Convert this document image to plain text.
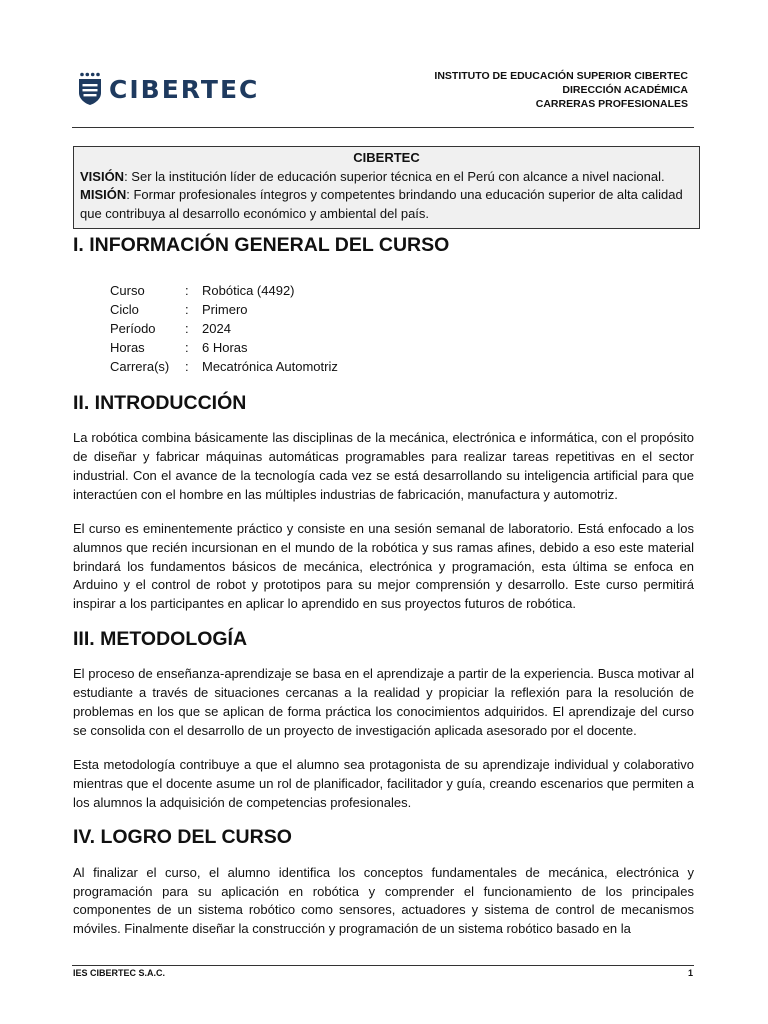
CIBERTEC	INSTITUTO DE EDUCACIÓN SUPERIOR CIBERTEC
DIRECCIÓN ACADÉMICA
CARRERAS PROFESIONALES
CIBERTEC
VISIÓN: Ser la institución líder de educación superior técnica en el Perú con alcance a nivel nacional.
MISIÓN: Formar profesionales íntegros y competentes brindando una educación superior de alta calidad que contribuya al desarrollo económico y ambiental del país.
I. INFORMACIÓN GENERAL DEL CURSO
Curso	:	Robótica (4492)
Ciclo	:	Primero
Período	:	2024
Horas	:	6 Horas
Carrera(s)	:	Mecatrónica Automotriz
II. INTRODUCCIÓN

La robótica combina básicamente las disciplinas de la mecánica, electrónica e informática, con el propósito de diseñar y fabricar máquinas automáticas programables para realizar tareas repetitivas en el sector industrial. Con el avance de la tecnología cada vez se está desarrollando su inteligencia artificial para que interactúen con el hombre en las múltiples industrias de fabricación, manufactura y automotriz.

El curso es eminentemente práctico y consiste en una sesión semanal de laboratorio. Está enfocado a los alumnos que recién incursionan en el mundo de la robótica y sus ramas afines, debido a eso este material brindará los fundamentos básicos de mecánica, electrónica y programación, esta última se enfoca en Arduino y el control de robot y prototipos para su mejor comprensión y desarrollo. Este curso permitirá inspirar a los participantes en aplicar lo aprendido en sus proyectos futuros de robótica.

III. METODOLOGÍA

El proceso de enseñanza-aprendizaje se basa en el aprendizaje a partir de la experiencia. Busca motivar al estudiante a través de situaciones cercanas a la realidad y propiciar la reflexión para la resolución de problemas en los que se aplican de forma práctica los conocimientos adquiridos. El aprendizaje del curso se consolida con el desarrollo de un proyecto de investigación aplicada asesorado por el docente.

Esta metodología contribuye a que el alumno sea protagonista de su aprendizaje individual y colaborativo mientras que el docente asume un rol de planificador, facilitador y guía, creando escenarios que permiten a los alumnos la adquisición de competencias profesionales.

IV. LOGRO DEL CURSO

Al finalizar el curso, el alumno identifica los conceptos fundamentales de mecánica, electrónica y programación para su aplicación en robótica y comprender el funcionamiento de los principales componentes de un sistema robótico como sensores, actuadores y sistema de control de mecanismos móviles. Finalmente diseñar la construcción y programación de un sistema robótico basado en la

IES CIBERTEC S.A.C.	1
